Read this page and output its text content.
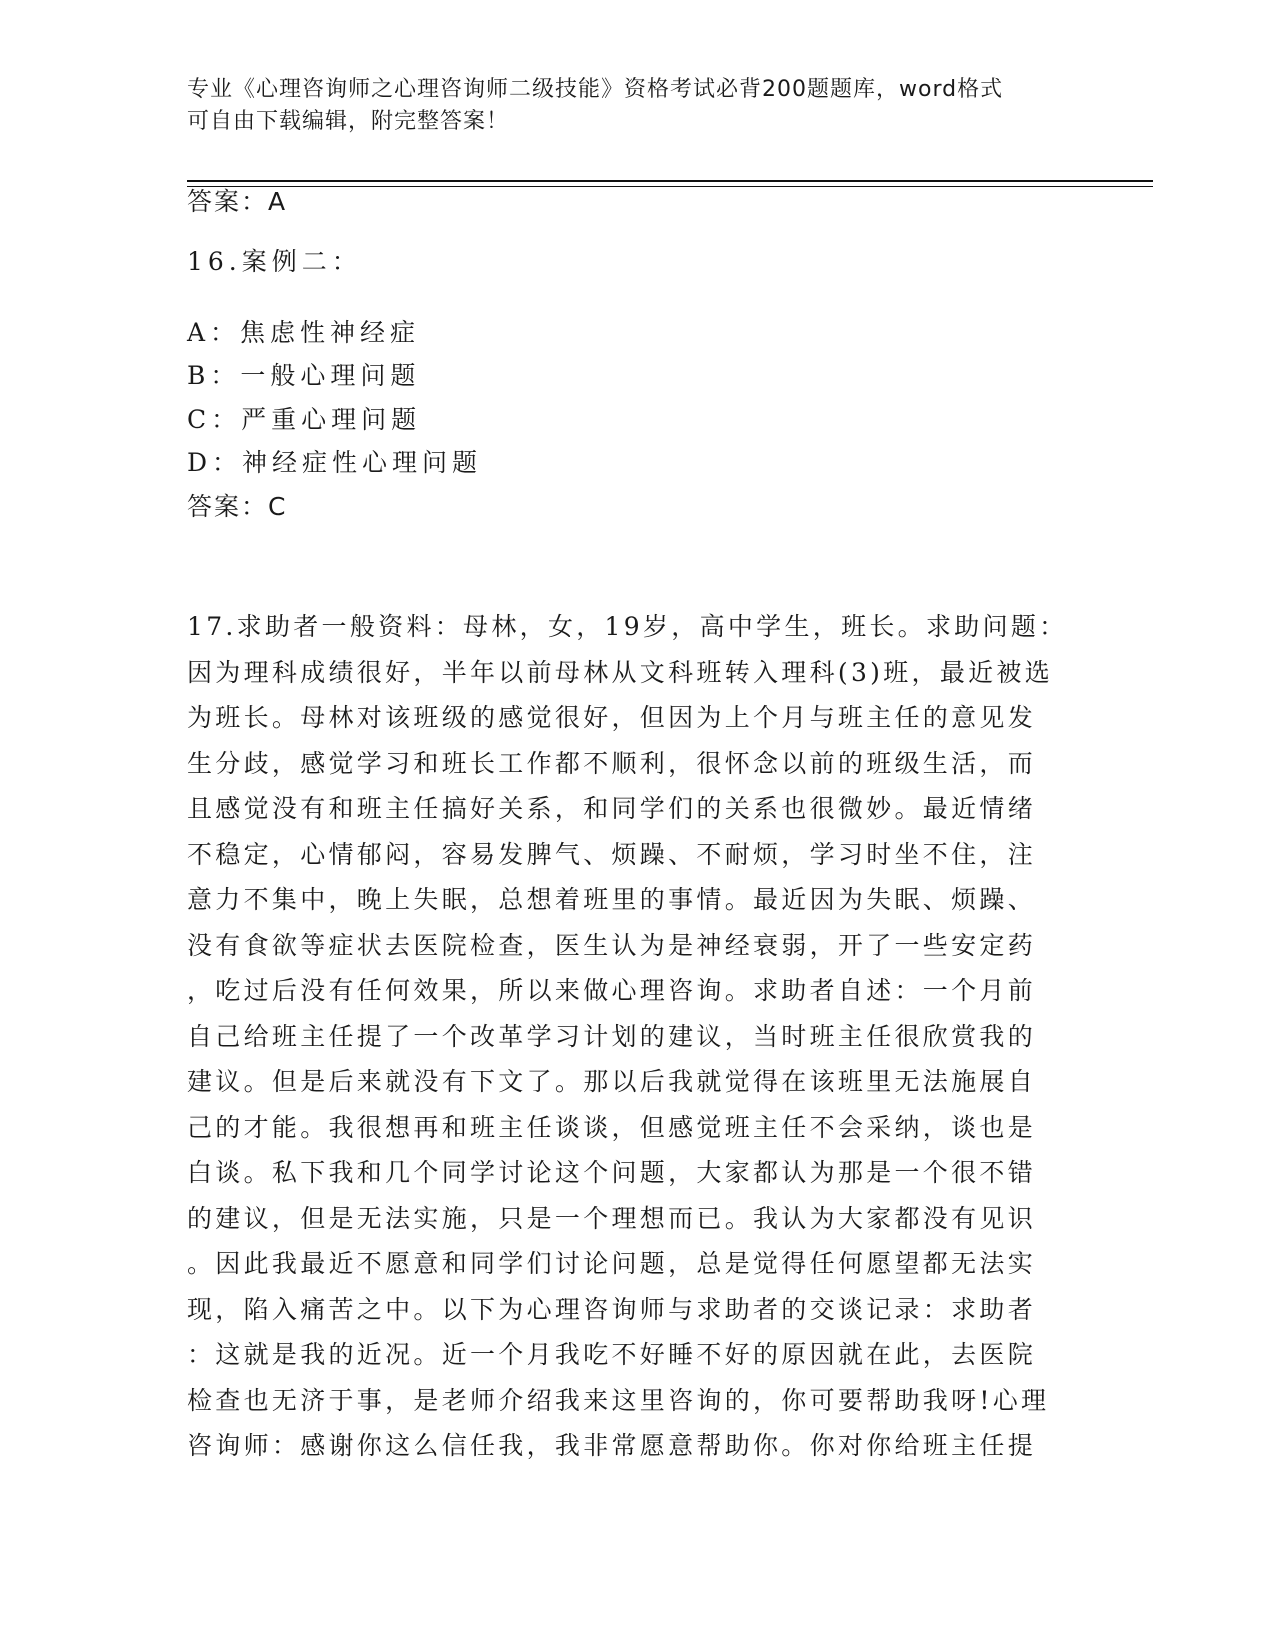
专业《心理咨询师之心理咨询师二级技能》资格考试必背200题题库，word格式
可自由下载编辑，附完整答案！
答案：A
16.案例二：
A：焦虑性神经症
B：一般心理问题
C：严重心理问题
D：神经症性心理问题
答案：C
17.求助者一般资料：母林，女，19岁，高中学生，班长。求助问题：
因为理科成绩很好，半年以前母林从文科班转入理科(3)班，最近被选
为班长。母林对该班级的感觉很好，但因为上个月与班主任的意见发
生分歧，感觉学习和班长工作都不顺利，很怀念以前的班级生活，而
且感觉没有和班主任搞好关系，和同学们的关系也很微妙。最近情绪
不稳定，心情郁闷，容易发脾气、烦躁、不耐烦，学习时坐不住，注
意力不集中，晚上失眠，总想着班里的事情。最近因为失眠、烦躁、
没有食欲等症状去医院检查，医生认为是神经衰弱，开了一些安定药
，吃过后没有任何效果，所以来做心理咨询。求助者自述：一个月前
自己给班主任提了一个改革学习计划的建议，当时班主任很欣赏我的
建议。但是后来就没有下文了。那以后我就觉得在该班里无法施展自
己的才能。我很想再和班主任谈谈，但感觉班主任不会采纳，谈也是
白谈。私下我和几个同学讨论这个问题，大家都认为那是一个很不错
的建议，但是无法实施，只是一个理想而已。我认为大家都没有见识
。因此我最近不愿意和同学们讨论问题，总是觉得任何愿望都无法实
现，陷入痛苦之中。以下为心理咨询师与求助者的交谈记录：求助者
：这就是我的近况。近一个月我吃不好睡不好的原因就在此，去医院
检查也无济于事，是老师介绍我来这里咨询的，你可要帮助我呀!心理
咨询师：感谢你这么信任我，我非常愿意帮助你。你对你给班主任提
